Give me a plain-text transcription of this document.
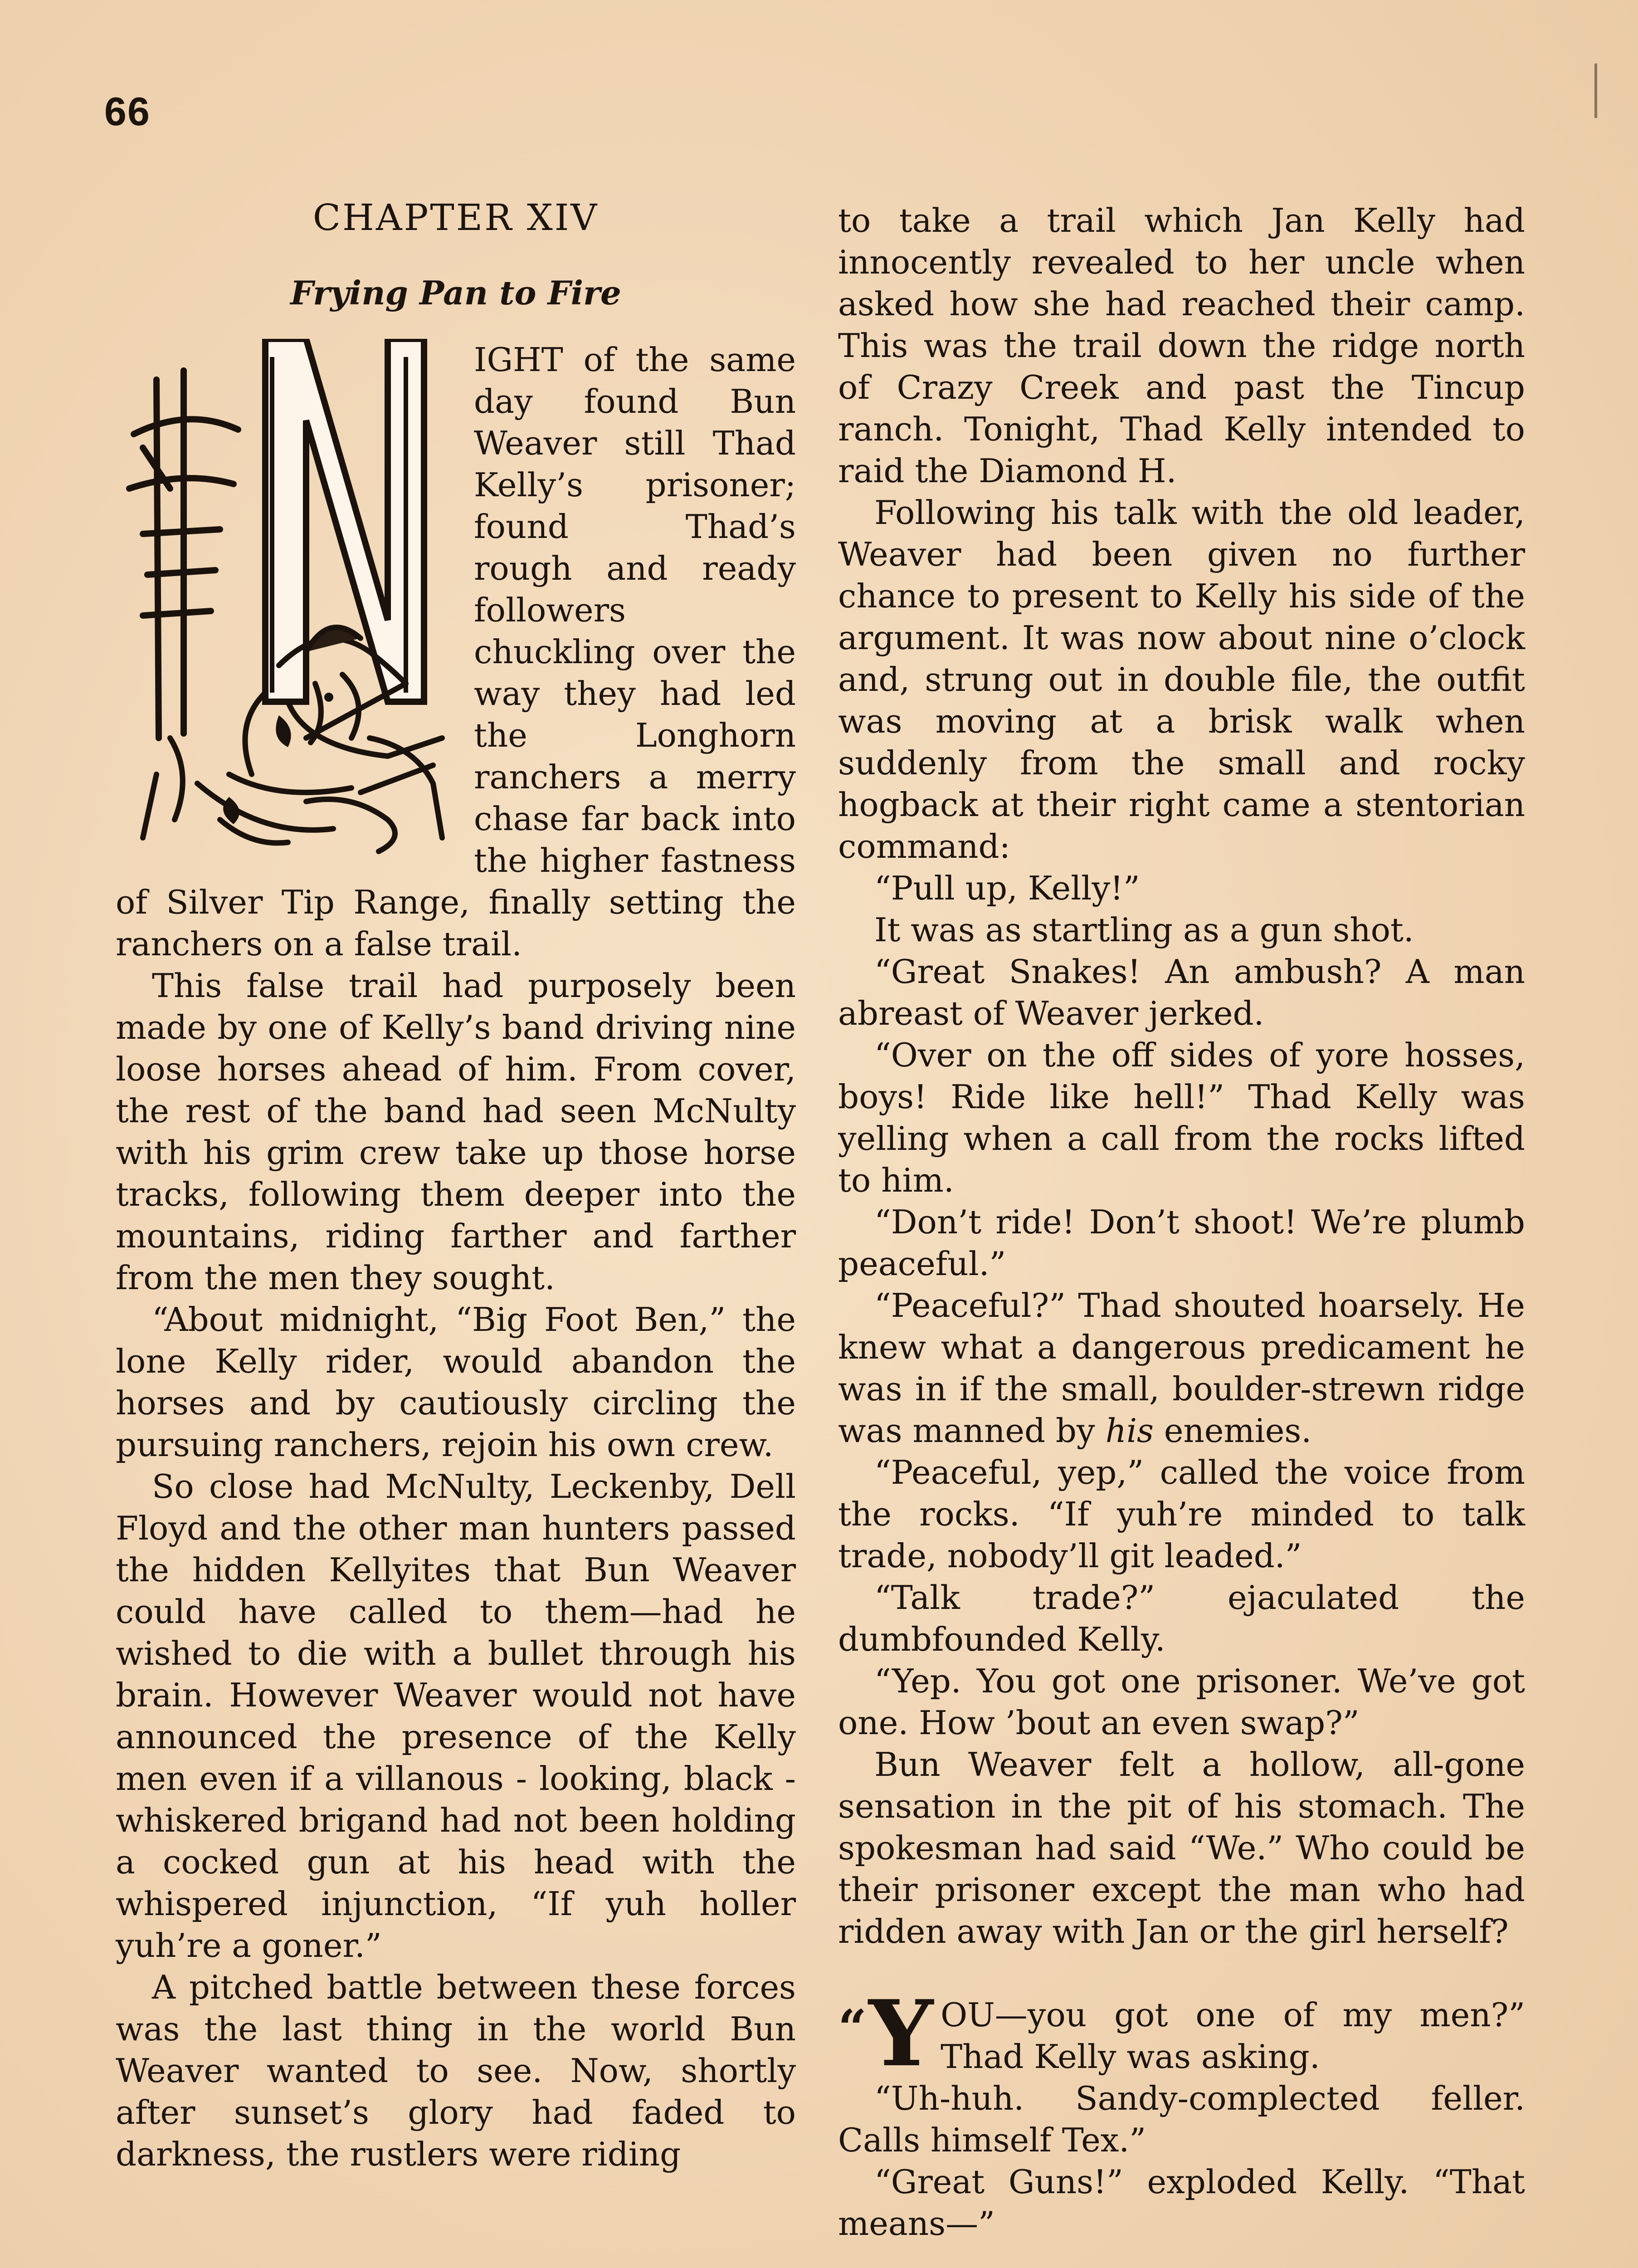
66
CHAPTER XIV
Frying Pan to Fire

IGHT of the same day found Bun Weaver still Thad Kelly’s prisoner; found Thad’s rough and ready followers chuckling over the way they had led the Longhorn ranchers a merry chase far back into the higher fastness of Silver Tip Range, finally setting the ranchers on a false trail.

This false trail had purposely been made by one of Kelly’s band driving nine loose horses ahead of him. From cover, the rest of the band had seen McNulty with his grim crew take up those horse tracks, following them deeper into the mountains, riding farther and farther from the men they sought.

“About midnight, “Big Foot Ben,” the lone Kelly rider, would abandon the horses and by cautiously circling the pursuing ranchers, rejoin his own crew.

So close had McNulty, Leckenby, Dell Floyd and the other man hunters passed the hidden Kellyites that Bun Weaver could have called to them—had he wished to die with a bullet through his brain. However Weaver would not have announced the presence of the Kelly men even if a villanous - looking, black - whiskered brigand had not been holding a cocked gun at his head with the whispered injunction, “If yuh holler yuh’re a goner.”

A pitched battle between these forces was the last thing in the world Bun Weaver wanted to see. Now, shortly after sunset’s glory had faded to darkness, the rustlers were riding

to take a trail which Jan Kelly had innocently revealed to her uncle when asked how she had reached their camp. This was the trail down the ridge north of Crazy Creek and past the Tincup ranch. Tonight, Thad Kelly intended to raid the Diamond H.

Following his talk with the old leader, Weaver had been given no further chance to present to Kelly his side of the argument. It was now about nine o’clock and, strung out in double file, the outfit was moving at a brisk walk when suddenly from the small and rocky hogback at their right came a stentorian command:

“Pull up, Kelly!”

It was as startling as a gun shot.

“Great Snakes! An ambush? A man abreast of Weaver jerked.

“Over on the off sides of yore hosses, boys! Ride like hell!” Thad Kelly was yelling when a call from the rocks lifted to him.

“Don’t ride! Don’t shoot! We’re plumb peaceful.”

“Peaceful?” Thad shouted hoarsely. He knew what a dangerous predicament he was in if the small, boulder-strewn ridge was manned by his enemies.

“Peaceful, yep,” called the voice from the rocks. “If yuh’re minded to talk trade, nobody’ll git leaded.”

“Talk trade?” ejaculated the dumbfounded Kelly.

“Yep. You got one prisoner. We’ve got one. How ’bout an even swap?”

Bun Weaver felt a hollow, all-gone sensation in the pit of his stomach. The spokesman had said “We.” Who could be their prisoner except the man who had ridden away with Jan or the girl herself?

“ Y OU—you got one of my men?” Thad Kelly was asking.

“Uh-huh. Sandy-complected feller. Calls himself Tex.”

“Great Guns!” exploded Kelly. “That means—”
